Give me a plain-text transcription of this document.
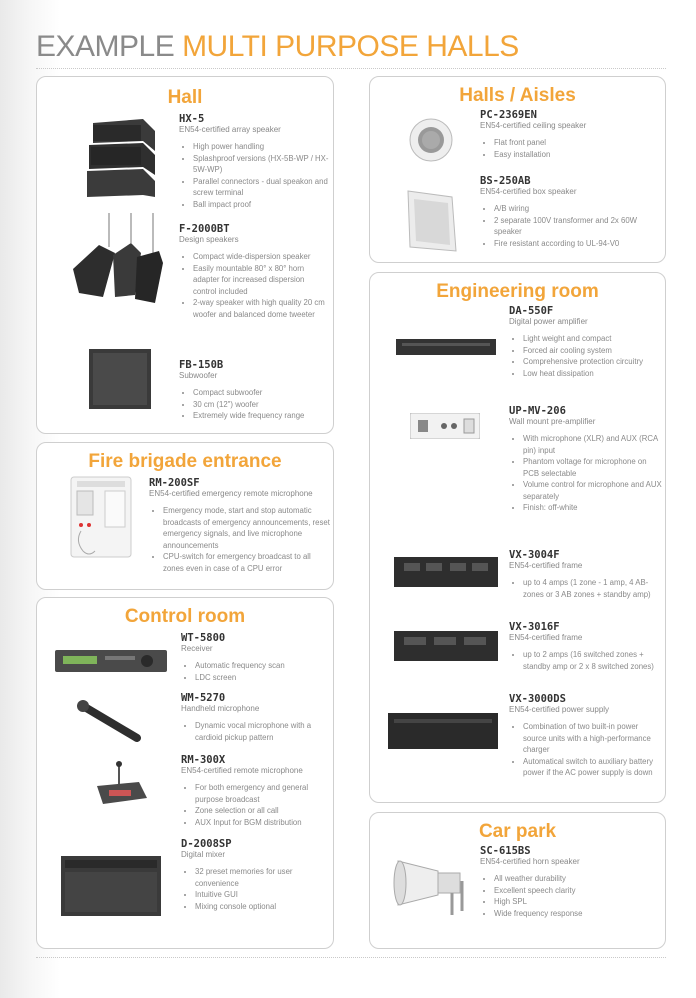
EXAMPLE MULTI PURPOSE HALLS
Hall
HX-5
EN54-certified array speaker
• High power handling
• Splashproof versions (HX-5B-WP / HX-5W-WP)
• Parallel connectors - dual speakon and screw terminal
• Ball impact proof
F-2000BT
Design speakers
• Compact wide-dispersion speaker
• Easily mountable 80° x 80° horn adapter for increased dispersion control included
• 2-way speaker with high quality 20 cm woofer and balanced dome tweeter
FB-150B
Subwoofer
• Compact subwoofer
• 30 cm (12") woofer
• Extremely wide frequency range
Fire brigade entrance
RM-200SF
EN54-certified emergency remote microphone
• Emergency mode, start and stop automatic broadcasts of emergency announcements, reset emergency signals, and live microphone announcements
• CPU-switch for emergency broadcast to all zones even in case of a CPU error
Control room
WT-5800
Receiver
• Automatic frequency scan
• LDC screen
WM-5270
Handheld microphone
• Dynamic vocal microphone with a cardioid pickup pattern
RM-300X
EN54-certified remote microphone
• For both emergency and general purpose broadcast
• Zone selection or all call
• AUX Input for BGM distribution
D-2008SP
Digital mixer
• 32 preset memories for user convenience
• Intuitive GUI
• Mixing console optional
Halls / Aisles
PC-2369EN
EN54-certified ceiling speaker
• Flat front panel
• Easy installation
BS-250AB
EN54-certified box speaker
• A/B wiring
• 2 separate 100V transformer and 2x 60W speaker
• Fire resistant according to UL-94-V0
Engineering room
DA-550F
Digital power amplifier
• Light weight and compact
• Forced air cooling system
• Comprehensive protection circuitry
• Low heat dissipation
UP-MV-206
Wall mount pre-amplifier
• With microphone (XLR) and AUX (RCA pin) input
• Phantom voltage for microphone on PCB selectable
• Volume control for microphone and AUX separately
• Finish: off-white
VX-3004F
EN54-certified frame
• up to 4 amps (1 zone - 1 amp, 4 AB-zones or 3 AB zones + standby amp)
VX-3016F
EN54-certified frame
• up to 2 amps (16 switched zones + standby amp or 2 x 8 switched zones)
VX-3000DS
EN54-certified power supply
• Combination of two built-in power source units with a high-performance charger
• Automatical switch to auxiliary battery power if the AC power supply is down
Car park
SC-615BS
EN54-certified horn speaker
• All weather durability
• Excellent speech clarity
• High SPL
• Wide frequency response
